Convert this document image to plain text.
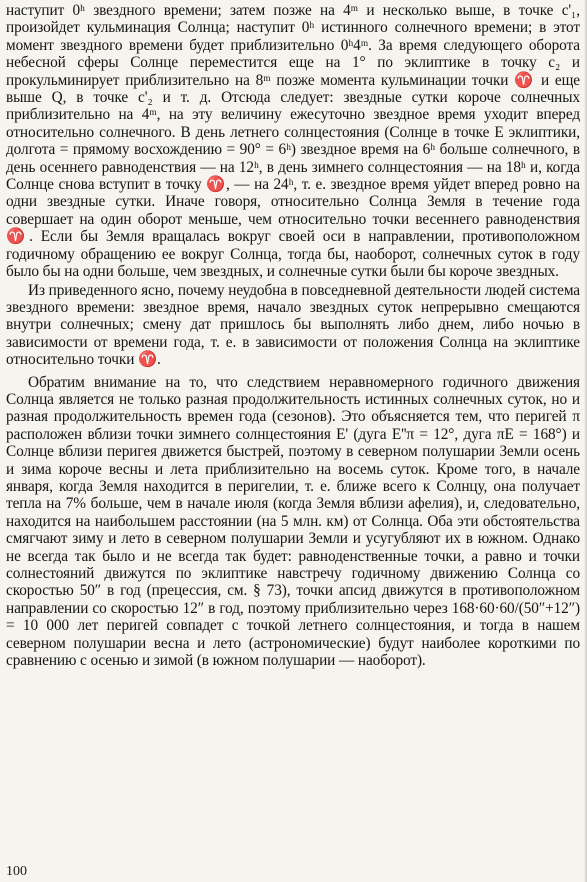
наступит 0ʰ звездного времени; затем позже на 4ᵐ и несколько выше, в точке c'₁, произойдет кульминация Солнца; наступит 0ʰ истинного солнечного времени; в этот момент звездного времени будет приблизительно 0ʰ4ᵐ. За время следующего оборота небесной сферы Солнце переместится еще на 1° по эклиптике в точку c₂ и прокульминирует приблизительно на 8ᵐ позже момента кульминации точки ♈ и еще выше Q, в точке c'₂ и т. д. Отсюда следует: звездные сутки короче солнечных приблизительно на 4ᵐ, на эту величину ежесуточно звездное время уходит вперед относительно солнечного. В день летнего солнцестояния (Солнце в точке E эклиптики, долгота = прямому восхождению = 90° = 6ʰ) звездное время на 6ʰ больше солнечного, в день осеннего равноденствия — на 12ʰ, в день зимнего солнцестояния — на 18ʰ и, когда Солнце снова вступит в точку ♈, — на 24ʰ, т. е. звездное время уйдет вперед ровно на одни звездные сутки. Иначе говоря, относительно Солнца Земля в течение года совершает на один оборот меньше, чем относительно точки весеннего равноденствия ♈. Если бы Земля вращалась вокруг своей оси в направлении, противоположном годичному обращению ее вокруг Солнца, тогда бы, наоборот, солнечных суток в году было бы на одни больше, чем звездных, и солнечные сутки были бы короче звездных.

Из приведенного ясно, почему неудобна в повседневной деятельности людей система звездного времени: звездное время, начало звездных суток непрерывно смещаются внутри солнечных; смену дат пришлось бы выполнять либо днем, либо ночью в зависимости от времени года, т. е. в зависимости от положения Солнца на эклиптике относительно точки ♈.

Обратим внимание на то, что следствием неравномерного годичного движения Солнца является не только разная продолжительность истинных солнечных суток, но и разная продолжительность времен года (сезонов). Это объясняется тем, что перигей π расположен вблизи точки зимнего солнцестояния E' (дуга E''π = 12°, дуга πE = 168°) и Солнце вблизи перигея движется быстрей, поэтому в северном полушарии Земли осень и зима короче весны и лета приблизительно на восемь суток. Кроме того, в начале января, когда Земля находится в перигелии, т. е. ближе всего к Солнцу, она получает тепла на 7% больше, чем в начале июля (когда Земля вблизи афелия), и, следовательно, находится на наибольшем расстоянии (на 5 млн. км) от Солнца. Оба эти обстоятельства смягчают зиму и лето в северном полушарии Земли и усугубляют их в южном. Однако не всегда так было и не всегда так будет: равноденственные точки, а равно и точки солнестояний движутся по эклиптике навстречу годичному движению Солнца со скоростью 50″ в год (прецессия, см. § 73), точки апсид движутся в противоположном направлении со скоростью 12″ в год, поэтому приблизительно через 168·60·60/(50″+12″) = 10 000 лет перигей совпадет с точкой летнего солнцестояния, и тогда в нашем северном полушарии весна и лето (астрономические) будут наиболее короткими по сравнению с осенью и зимой (в южном полушарии — наоборот).

100
